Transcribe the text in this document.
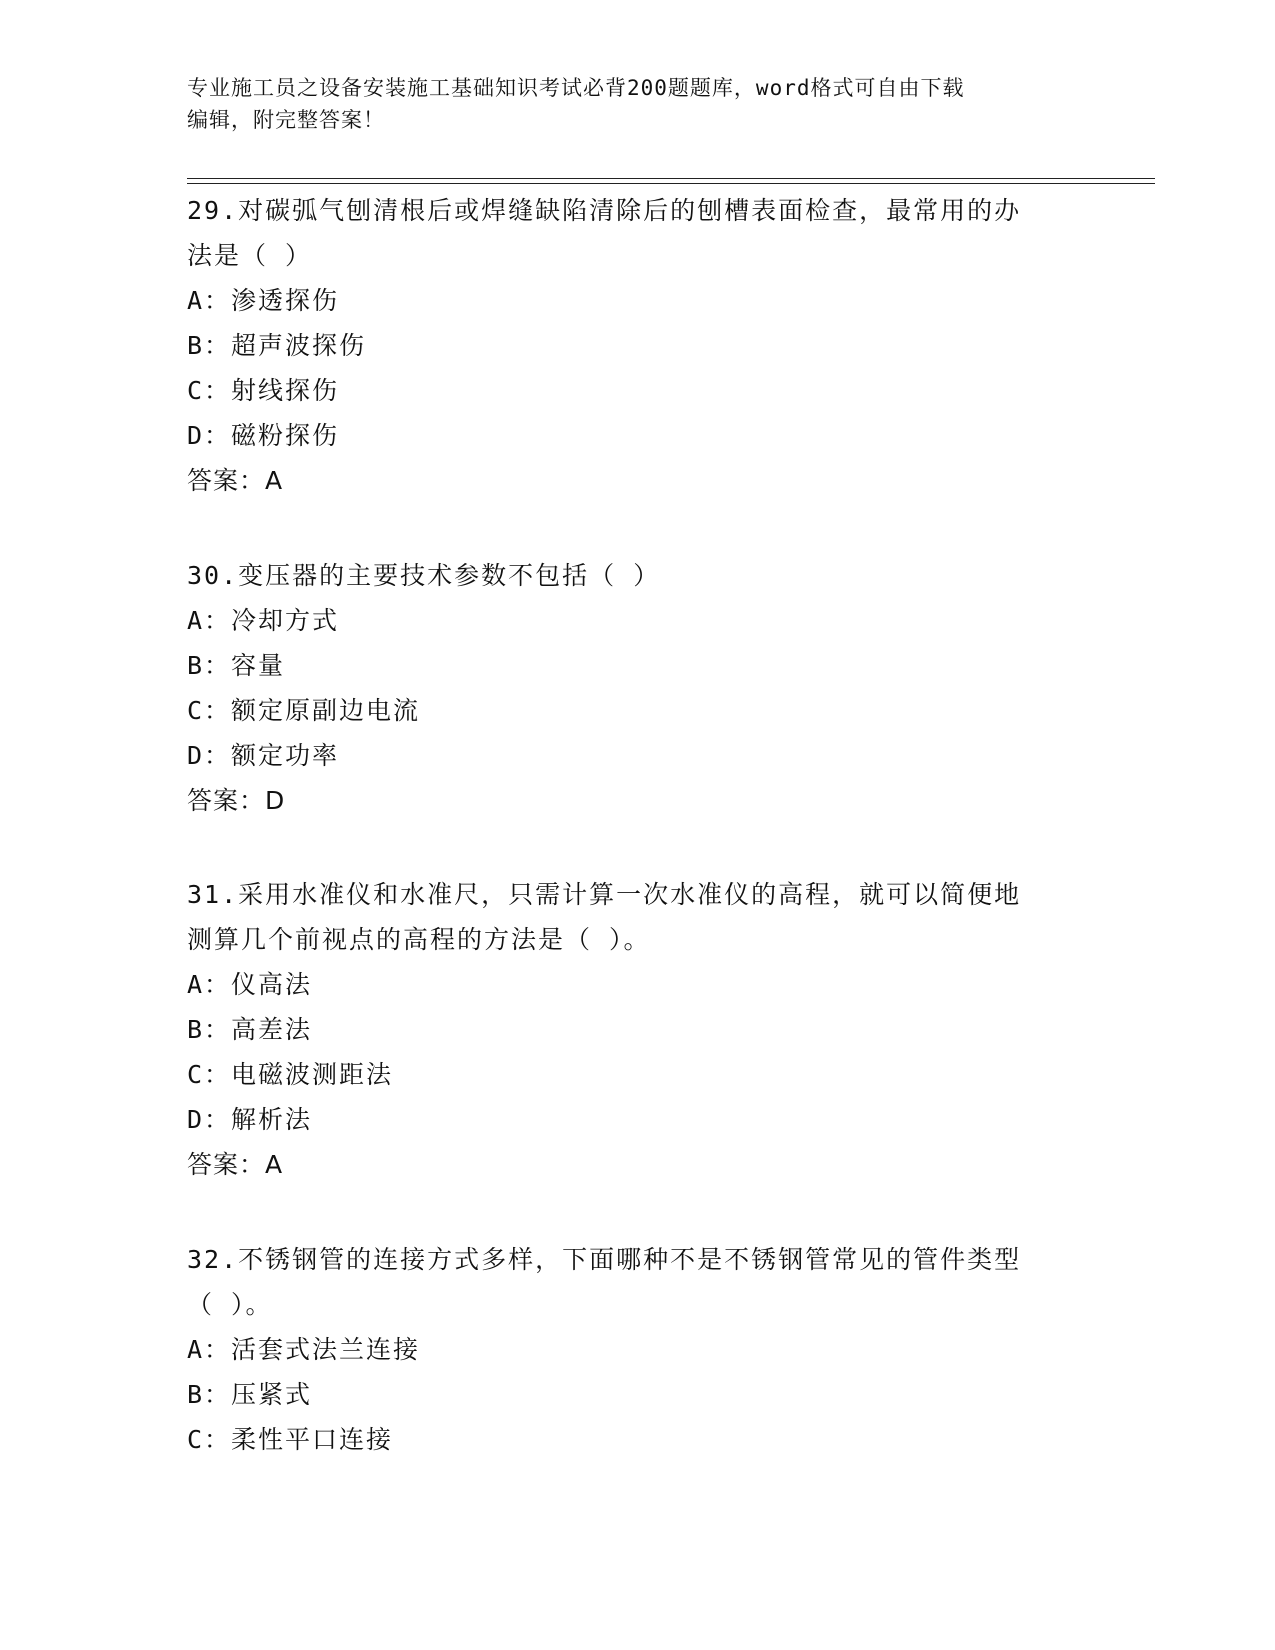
专业施工员之设备安装施工基础知识考试必背200题题库，word格式可自由下载
编辑，附完整答案！
29.对碳弧气刨清根后或焊缝缺陷清除后的刨槽表面检查，最常用的办
法是（ ）
A：渗透探伤
B：超声波探伤
C：射线探伤
D：磁粉探伤
答案：A
30.变压器的主要技术参数不包括（ ）
A：冷却方式
B：容量
C：额定原副边电流
D：额定功率
答案：D
31.采用水准仪和水准尺，只需计算一次水准仪的高程，就可以简便地
测算几个前视点的高程的方法是（ ）。
A：仪高法
B：高差法
C：电磁波测距法
D：解析法
答案：A
32.不锈钢管的连接方式多样，下面哪种不是不锈钢管常见的管件类型
（ ）。
A：活套式法兰连接
B：压紧式
C：柔性平口连接
